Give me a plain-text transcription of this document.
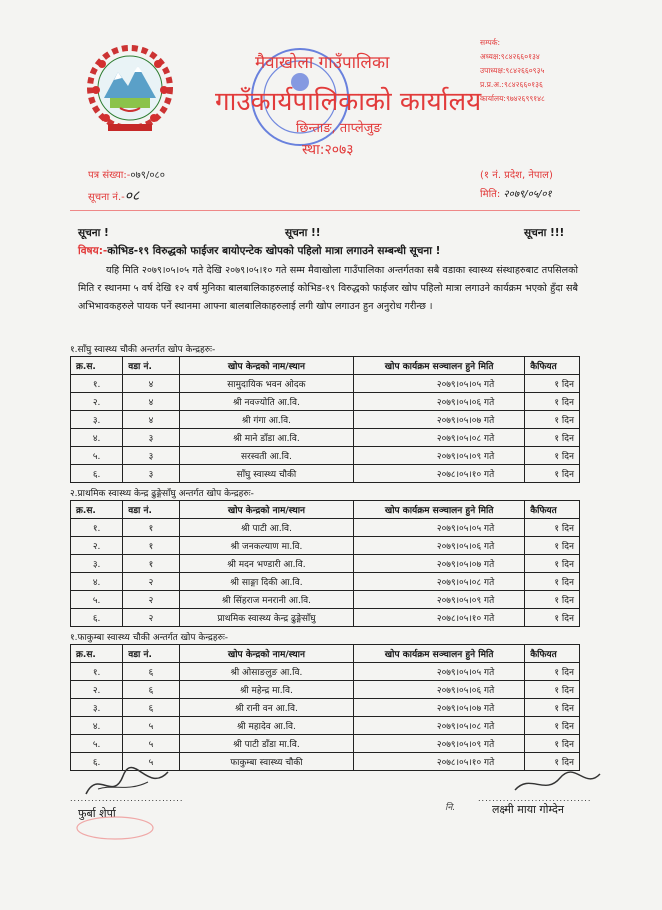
मैवाखोला गाउँपालिका
गाउँकार्यपालिकाको कार्यालय
छिन्ताङ, ताप्लेजुङ
स्था:२०७३
सम्पर्क:
अध्यक्ष:९८४२६६०१३४
उपाध्यक्ष:९८४२६६०९३५
प्र.प्र.अ.:९८४२६६०१३६
कार्यालय:९७४२६९९१४८
पत्र संख्या:-०७९/०८०
सूचना नं.-०८
(१ नं. प्रदेश, नेपाल)
मिति: २०७९/०५/०१
सूचना !	सूचना !!	सूचना !!!
विषय:-कोभिड-१९ विरुद्धको फाईजर बायोएन्टेक खोपको पहिलो मात्रा लगाउने सम्बन्धी सूचना !
यहि मिति २०७९।०५।०५ गते देखि २०७९।०५।१० गते सम्म मैवाखोला गाउँपालिका अन्तर्गतका सबै वडाका स्वास्थ्य संस्थाहरुबाट तपसिलको मिति र स्थानमा ५ वर्ष देखि १२ वर्ष मुनिका बालबालिकाहरुलाई कोभिड-१९ विरुद्धको फाईजर खोप पहिलो मात्रा लगाउने कार्यक्रम भएको हुँदा सबै अभिभावकहरुले पायक पर्ने स्थानमा आफ्ना बालबालिकाहरुलाई लगी खोप लगाउन हुन अनुरोध गरीन्छ ।
१.साँघु स्वास्थ्य चौकी अन्तर्गत खोप केन्द्रहरुः-
क्र.स.	वडा नं.	खोप केन्द्रको नाम/स्थान	खोप कार्यक्रम सञ्चालन हुने मिति	कैफियत
१.	४	सामुदायिक भवन ओदक	२०७९।०५।०५ गते	१ दिन
२.	४	श्री नवज्योति आ.वि.	२०७९।०५।०६ गते	१ दिन
३.	४	श्री गंगा आ.वि.	२०७९।०५।०७ गते	१ दिन
४.	३	श्री माने डाँडा आ.वि.	२०७९।०५।०८ गते	१ दिन
५.	३	सरस्वती आ.वि.	२०७९।०५।०९ गते	१ दिन
६.	३	साँघु स्वास्थ्य चौकी	२०७८।०५।१० गते	१ दिन
२.प्राथमिक स्वास्थ्य केन्द्र ढुङ्गेसाँघु अन्तर्गत खोप केन्द्रहरुः-
क्र.स.	वडा नं.	खोप केन्द्रको नाम/स्थान	खोप कार्यक्रम सञ्चालन हुने मिति	कैफियत
१.	१	श्री पाटी आ.वि.	२०७९।०५।०५ गते	१ दिन
२.	१	श्री जनकल्याण मा.वि.	२०७९।०५।०६ गते	१ दिन
३.	१	श्री मदन भण्डारी आ.वि.	२०७९।०५।०७ गते	१ दिन
४.	२	श्री साङ्गा दिकी आ.वि.	२०७९।०५।०८ गते	१ दिन
५.	२	श्री सिंहराज मनरानी आ.वि.	२०७९।०५।०९ गते	१ दिन
६.	२	प्राथमिक स्वास्थ्य केन्द्र ढुङ्गेसाँघु	२०७८।०५।१० गते	१ दिन
१.फाकुम्बा स्वास्थ्य चौकी अन्तर्गत खोप केन्द्रहरुः-
क्र.स.	वडा नं.	खोप केन्द्रको नाम/स्थान	खोप कार्यक्रम सञ्चालन हुने मिति	कैफियत
१.	६	श्री ओसाङलुङ आ.वि.	२०७९।०५।०५ गते	१ दिन
२.	६	श्री महेन्द्र मा.वि.	२०७९।०५।०६ गते	१ दिन
३.	६	श्री रानी वन आ.वि.	२०७९।०५।०७ गते	१ दिन
४.	५	श्री महादेव आ.वि.	२०७९।०५।०८ गते	१ दिन
५.	५	श्री पाटी डाँडा मा.वि.	२०७९।०५।०९ गते	१ दिन
६.	५	फाकुम्बा स्वास्थ्य चौकी	२०७८।०५।१० गते	१ दिन
................................	................................
फुर्बा शेर्पा	नि.	लक्ष्मी माया गोम्देन
